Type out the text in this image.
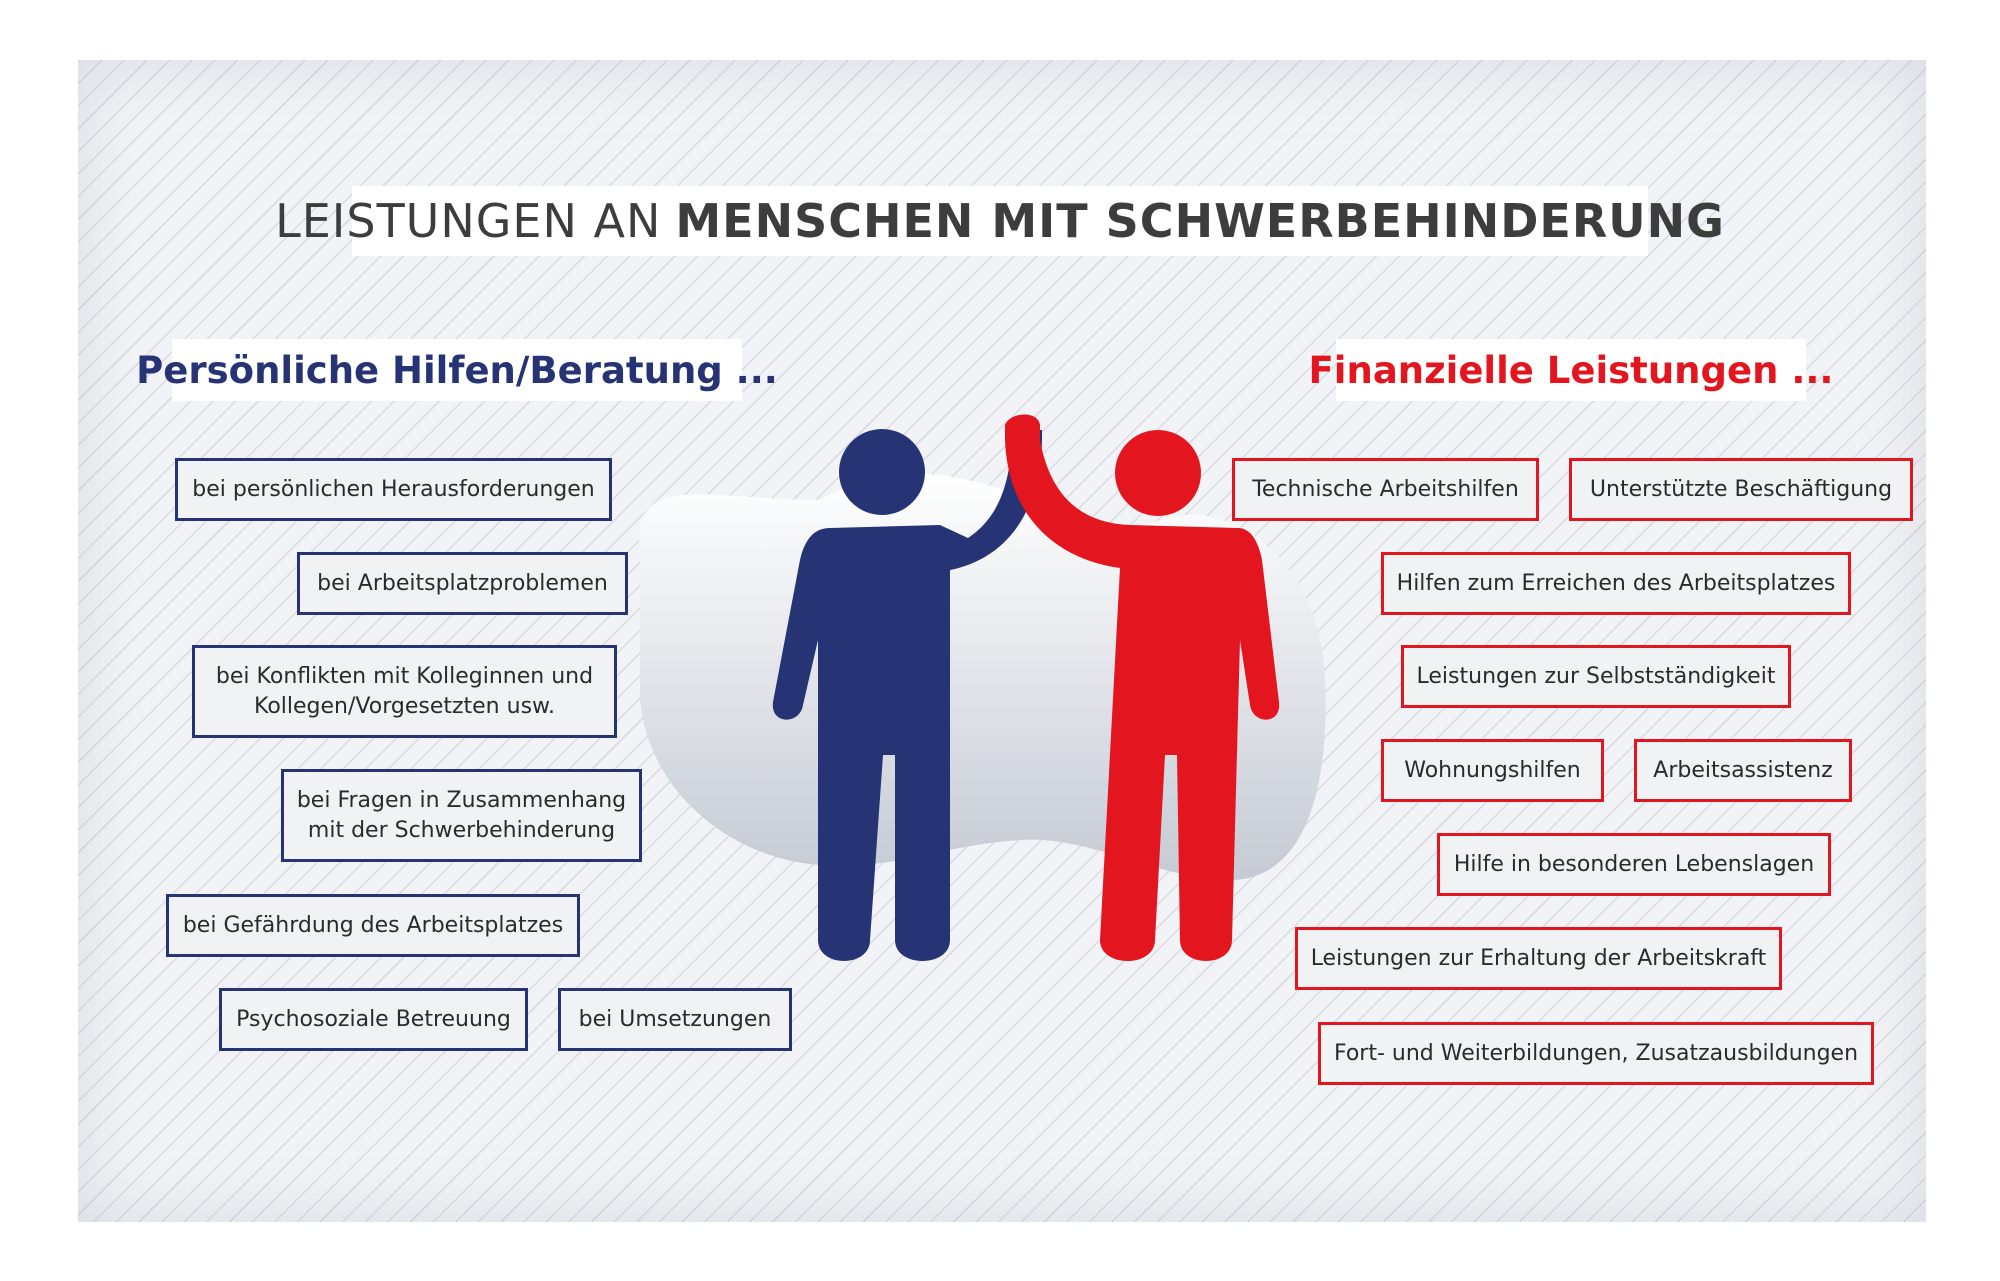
LEISTUNGEN AN MENSCHEN MIT SCHWERBEHINDERUNG
Persönliche Hilfen/Beratung ...	Finanzielle Leistungen ...
bei persönlichen Herausforderungen
bei Arbeitsplatzproblemen
bei Konflikten mit Kolleginnen und
Kollegen/Vorgesetzten usw.
bei Fragen in Zusammenhang
mit der Schwerbehinderung
bei Gefährdung des Arbeitsplatzes
Psychosoziale Betreuung	bei Umsetzungen
Technische Arbeitshilfen	Unterstützte Beschäftigung
Hilfen zum Erreichen des Arbeitsplatzes
Leistungen zur Selbstständigkeit
Wohnungshilfen	Arbeitsassistenz
Hilfe in besonderen Lebenslagen
Leistungen zur Erhaltung der Arbeitskraft
Fort- und Weiterbildungen, Zusatzausbildungen
